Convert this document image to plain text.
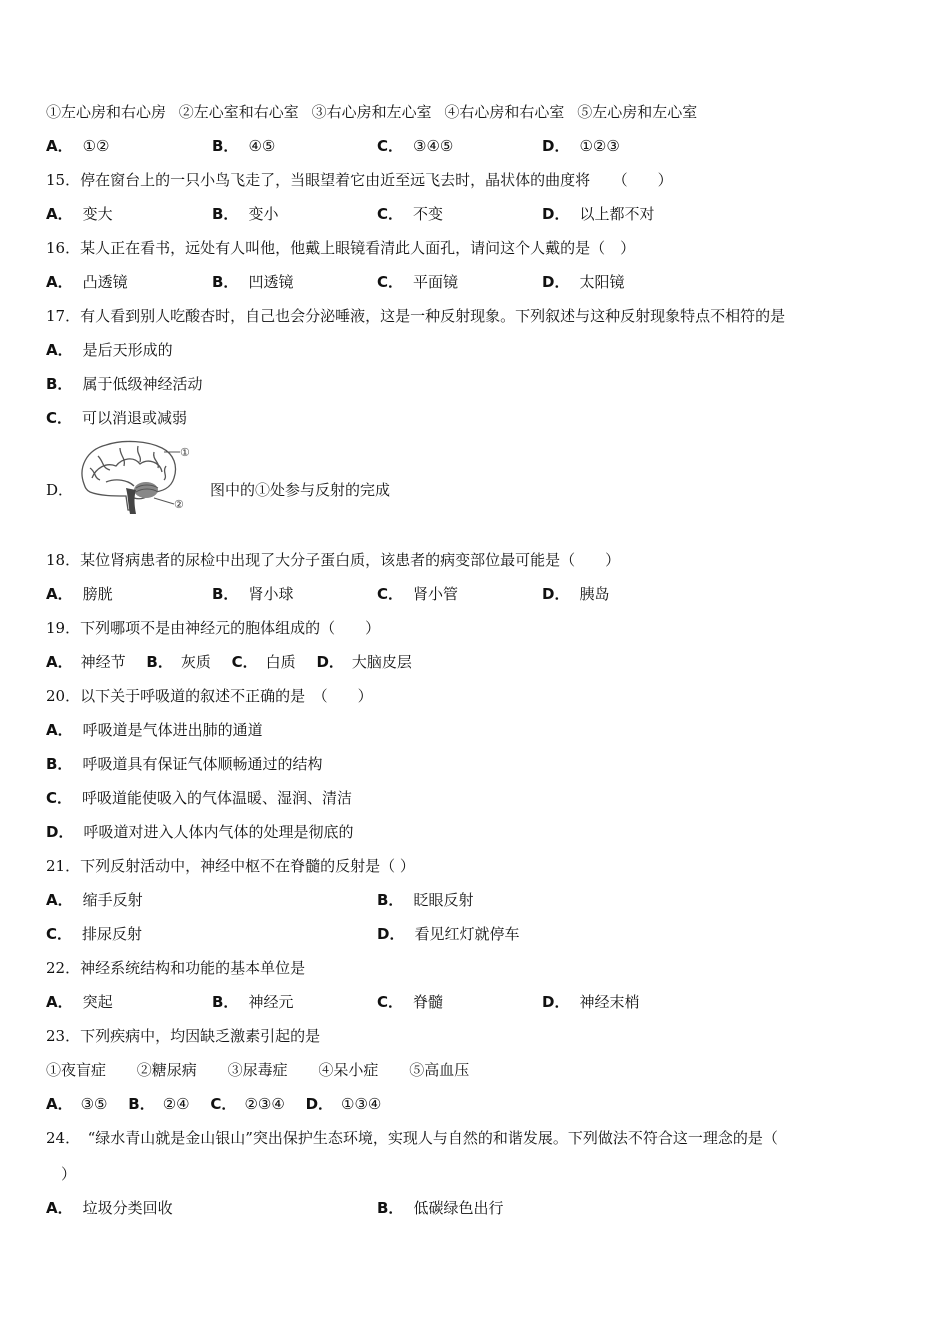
①左心房和右心房 ②左心室和右心室 ③右心房和左心室 ④右心房和右心室 ⑤左心房和左心室
A． ①②	B． ④⑤	C． ③④⑤	D． ①②③
15．停在窗台上的一只小鸟飞走了，当眼望着它由近至远飞去时，晶状体的曲度将　　（　　）
A． 变大	B． 变小	C． 不变	D． 以上都不对
16．某人正在看书，远处有人叫他，他戴上眼镜看清此人面孔，请问这个人戴的是（　）
A． 凸透镜	B． 凹透镜	C． 平面镜	D． 太阳镜
17．有人看到别人吃酸杏时，自己也会分泌唾液，这是一种反射现象。下列叙述与这种反射现象特点不相符的是
A． 是后天形成的
B． 属于低级神经活动
C． 可以消退或减弱
D．	图中的①处参与反射的完成
①
②
18．某位肾病患者的尿检中出现了大分子蛋白质，该患者的病变部位最可能是（　　）
A． 膀胱	B． 肾小球	C． 肾小管	D． 胰岛
19．下列哪项不是由神经元的胞体组成的（　　）
A． 神经节 B． 灰质 C． 白质 D． 大脑皮层
20．以下关于呼吸道的叙述不正确的是　（　　）
A． 呼吸道是气体进出肺的通道
B． 呼吸道具有保证气体顺畅通过的结构
C． 呼吸道能使吸入的气体温暖、湿润、清洁
D． 呼吸道对进入人体内气体的处理是彻底的
21．下列反射活动中，神经中枢不在脊髓的反射是（ ）
A． 缩手反射	B． 眨眼反射
C． 排尿反射	D． 看见红灯就停车
22．神经系统结构和功能的基本单位是
A． 突起	B． 神经元	C． 脊髓	D． 神经末梢
23．下列疾病中，均因缺乏激素引起的是
①夜盲症 ②糖尿病 ③尿毒症 ④呆小症 ⑤高血压
A． ③⑤ B． ②④ C． ②③④ D． ①③④
24．　“绿水青山就是金山银山”突出保护生态环境，实现人与自然的和谐发展。下列做法不符合这一理念的是（
　）
A． 垃圾分类回收	B． 低碳绿色出行
